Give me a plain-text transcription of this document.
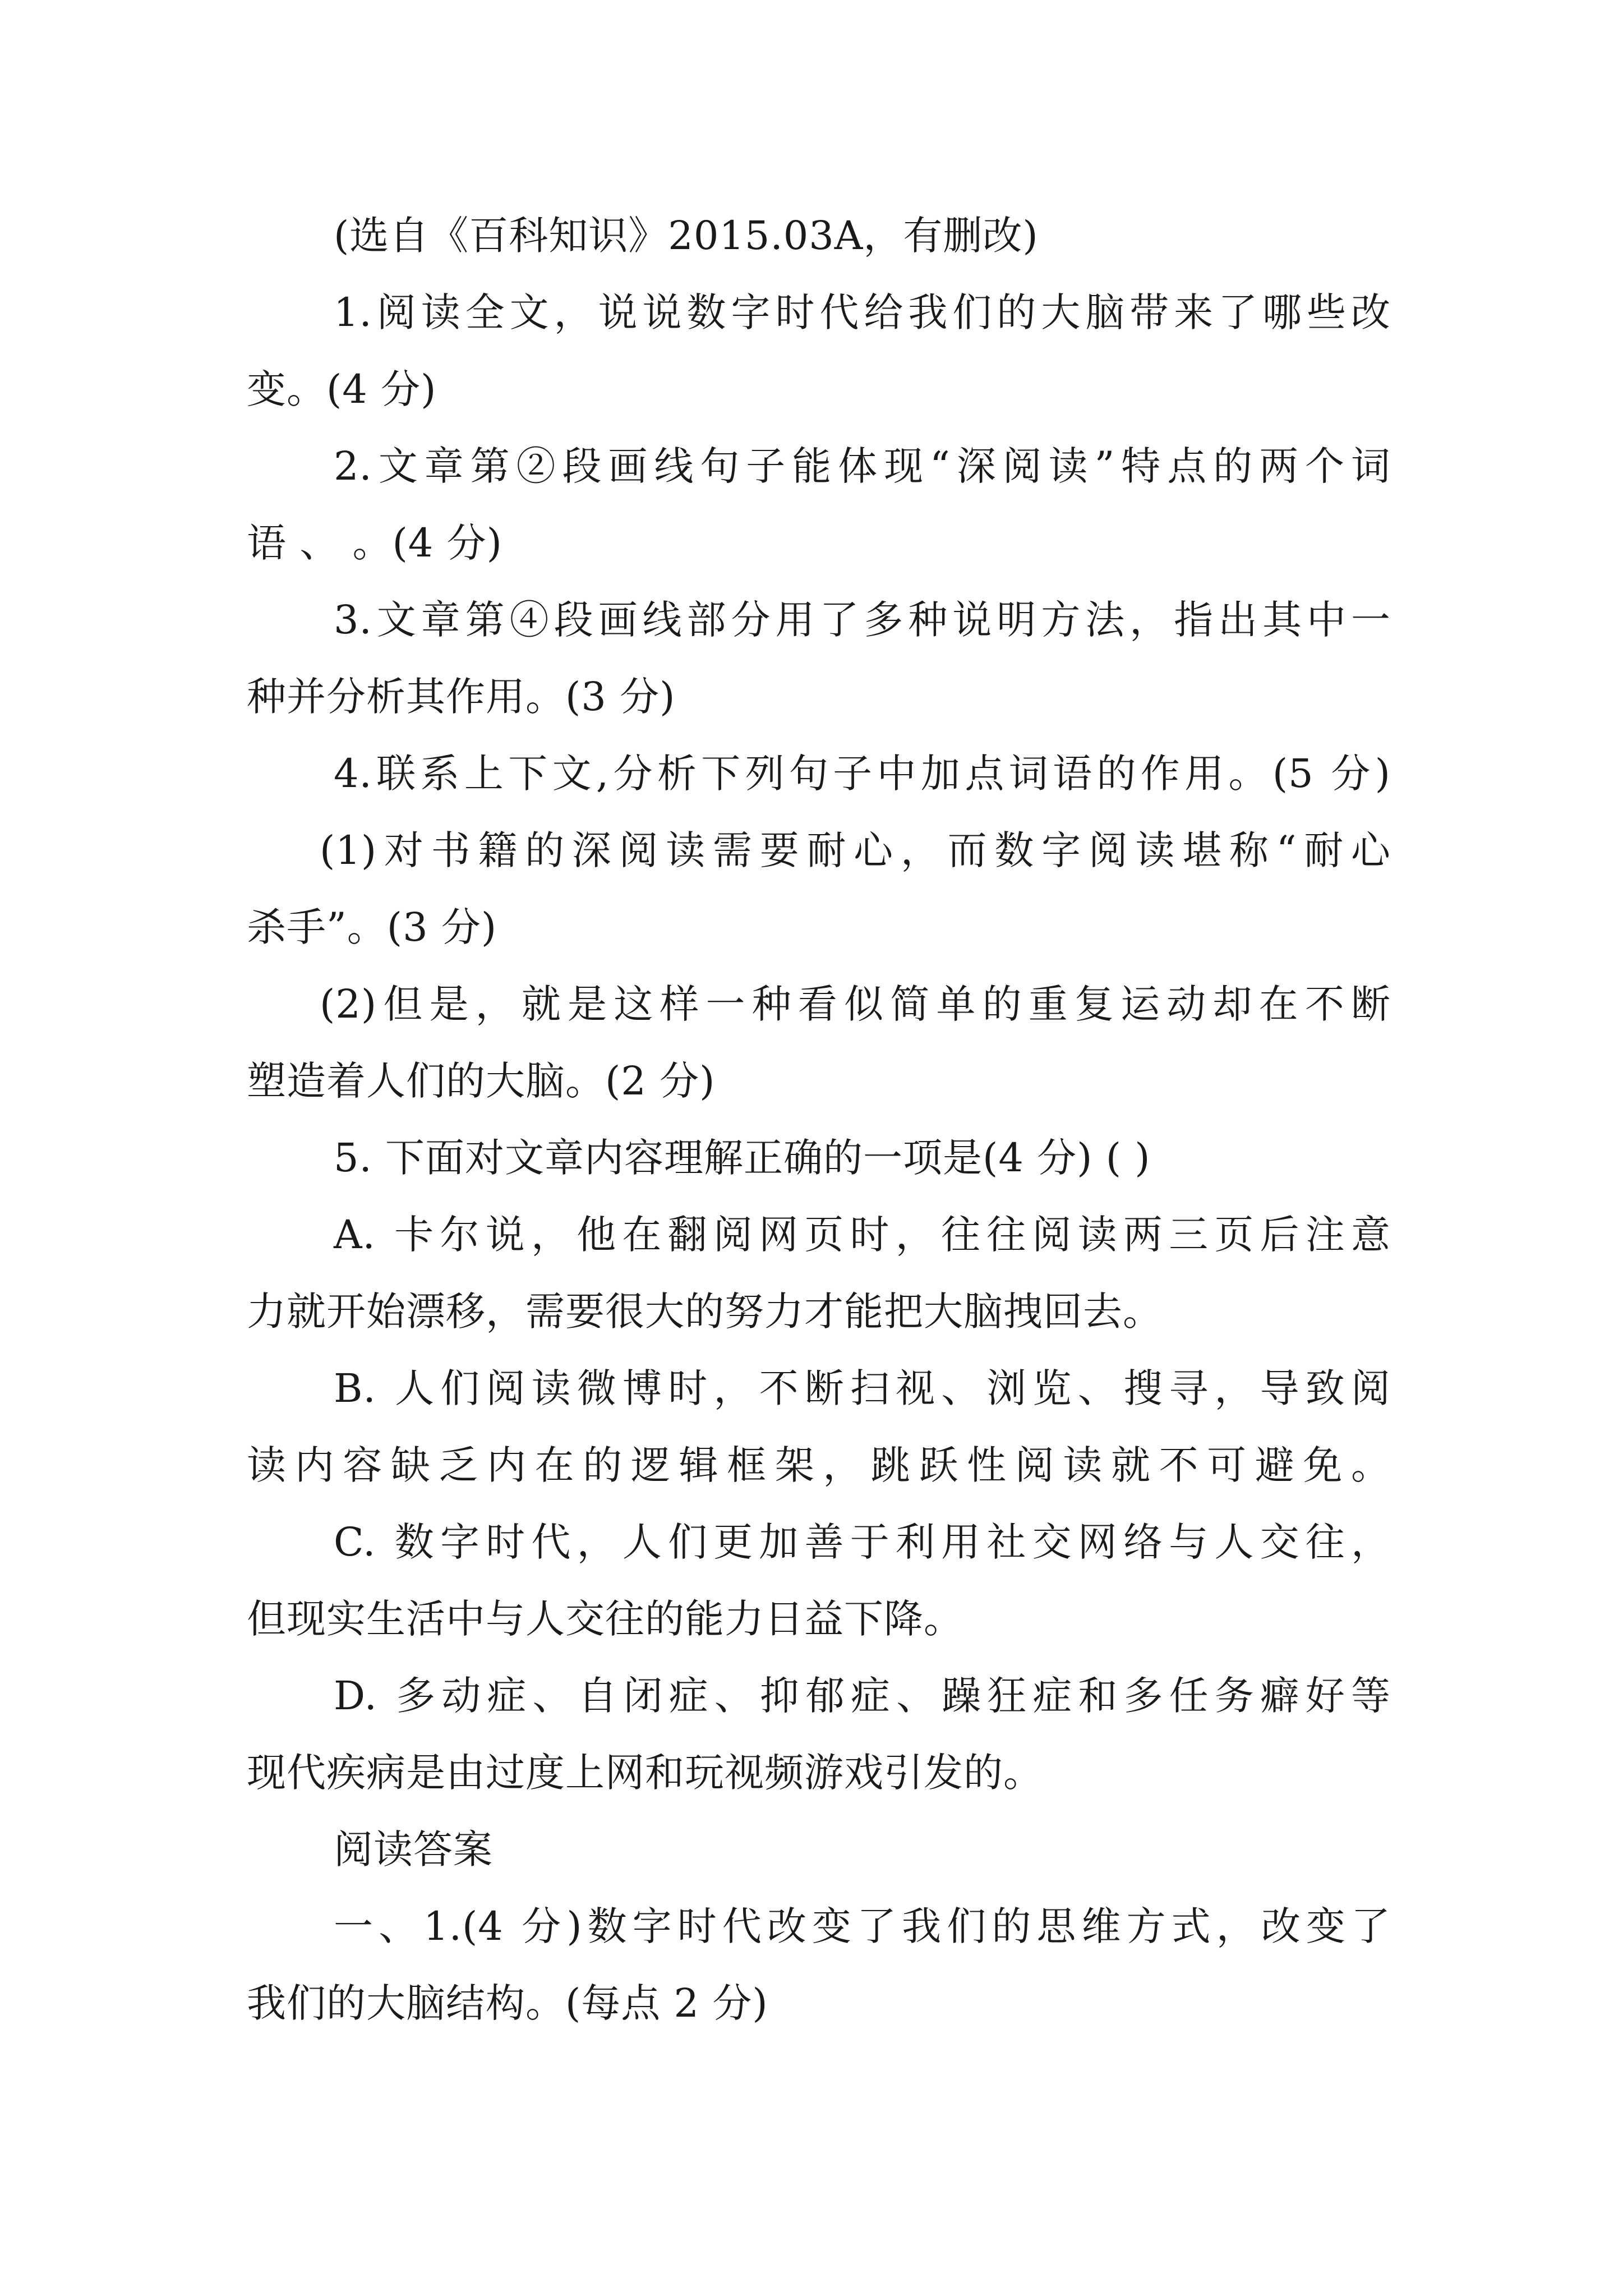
(选自《百科知识》2015.03A，有删改)
1.阅读全文，说说数字时代给我们的大脑带来了哪些改
变。(4 分)
2.文章第②段画线句子能体现“深阅读”特点的两个词
语 、 。(4 分)
3.文章第④段画线部分用了多种说明方法，指出其中一
种并分析其作用。(3 分)
4.联系上下文,分析下列句子中加点词语的作用。(5 分)
(1)对书籍的深阅读需要耐心，而数字阅读堪称“耐心
杀手”。(3 分)
(2)但是，就是这样一种看似简单的重复运动却在不断
塑造着人们的大脑。(2 分)
5. 下面对文章内容理解正确的一项是(4 分) ( )
A. 卡尔说，他在翻阅网页时，往往阅读两三页后注意
力就开始漂移，需要很大的努力才能把大脑拽回去。
B. 人们阅读微博时，不断扫视、浏览、搜寻，导致阅
读内容缺乏内在的逻辑框架，跳跃性阅读就不可避免。
C. 数字时代，人们更加善于利用社交网络与人交往，
但现实生活中与人交往的能力日益下降。
D. 多动症、自闭症、抑郁症、躁狂症和多任务癖好等
现代疾病是由过度上网和玩视频游戏引发的。
阅读答案
一、1.(4 分)数字时代改变了我们的思维方式，改变了
我们的大脑结构。(每点 2 分)
